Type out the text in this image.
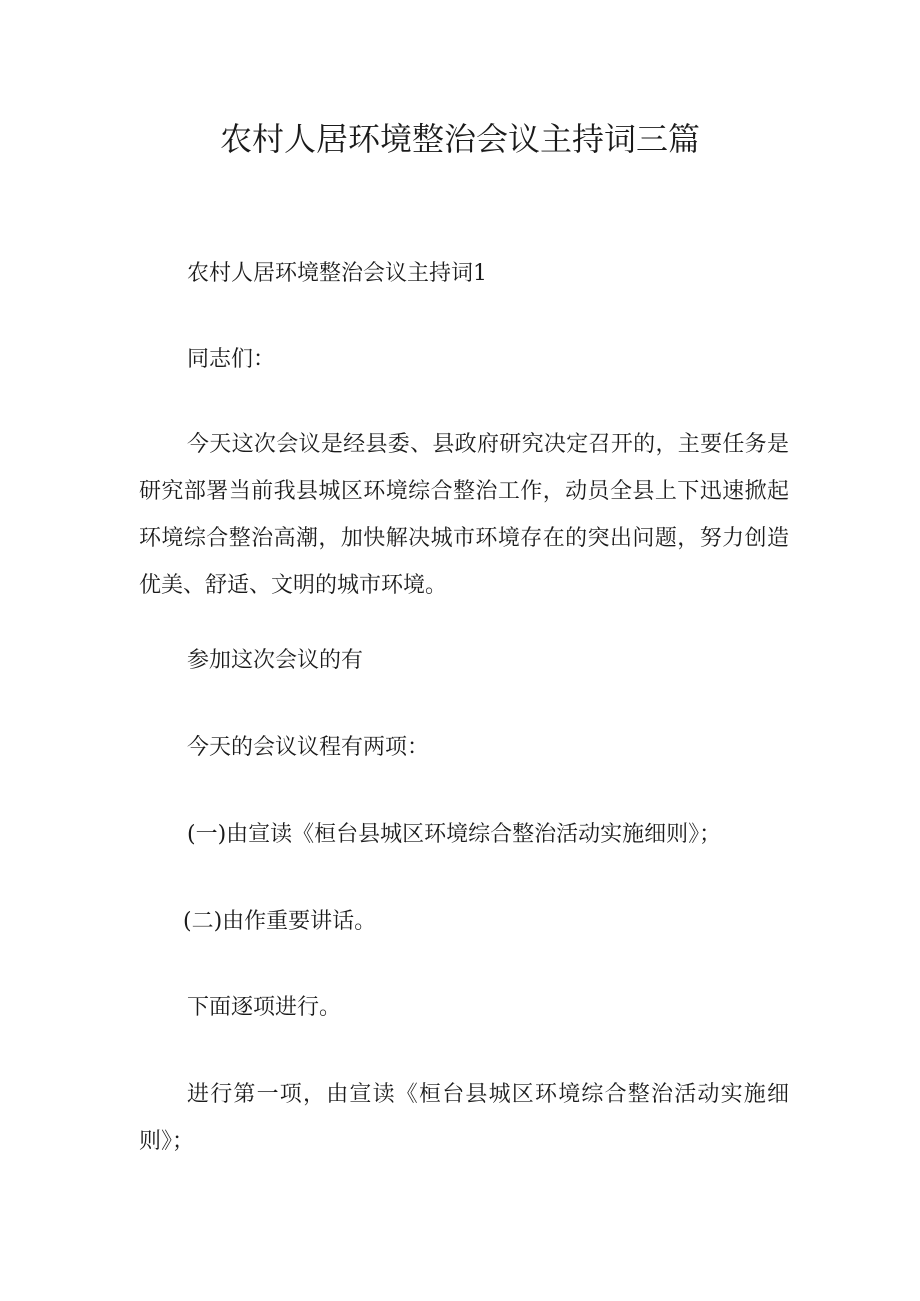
农村人居环境整治会议主持词三篇

农村人居环境整治会议主持词1

同志们：

今天这次会议是经县委、县政府研究决定召开的，主要任务是研究部署当前我县城区环境综合整治工作，动员全县上下迅速掀起环境综合整治高潮，加快解决城市环境存在的突出问题，努力创造优美、舒适、文明的城市环境。

参加这次会议的有

今天的会议议程有两项：

(一)由宣读《桓台县城区环境综合整治活动实施细则》；

(二)由作重要讲话。

下面逐项进行。

进行第一项，由宣读《桓台县城区环境综合整治活动实施细则》；
